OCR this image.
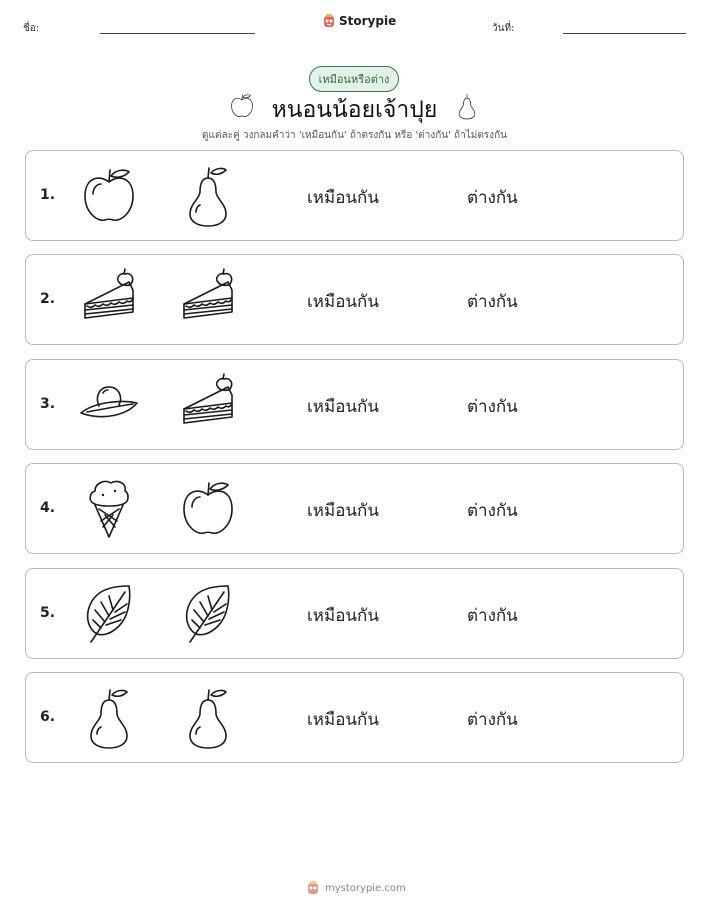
ชื่อ:
Storypie
วันที่:
เหมือนหรือต่าง
หนอนน้อยเจ้าปุย
ดูแต่ละคู่ วงกลมคำว่า 'เหมือนกัน' ถ้าตรงกัน หรือ 'ต่างกัน' ถ้าไม่ตรงกัน
1.	เหมือนกัน	ต่างกัน
2.	เหมือนกัน	ต่างกัน
3.	เหมือนกัน	ต่างกัน
4.	เหมือนกัน	ต่างกัน
5.	เหมือนกัน	ต่างกัน
6.	เหมือนกัน	ต่างกัน
mystorypie.com
